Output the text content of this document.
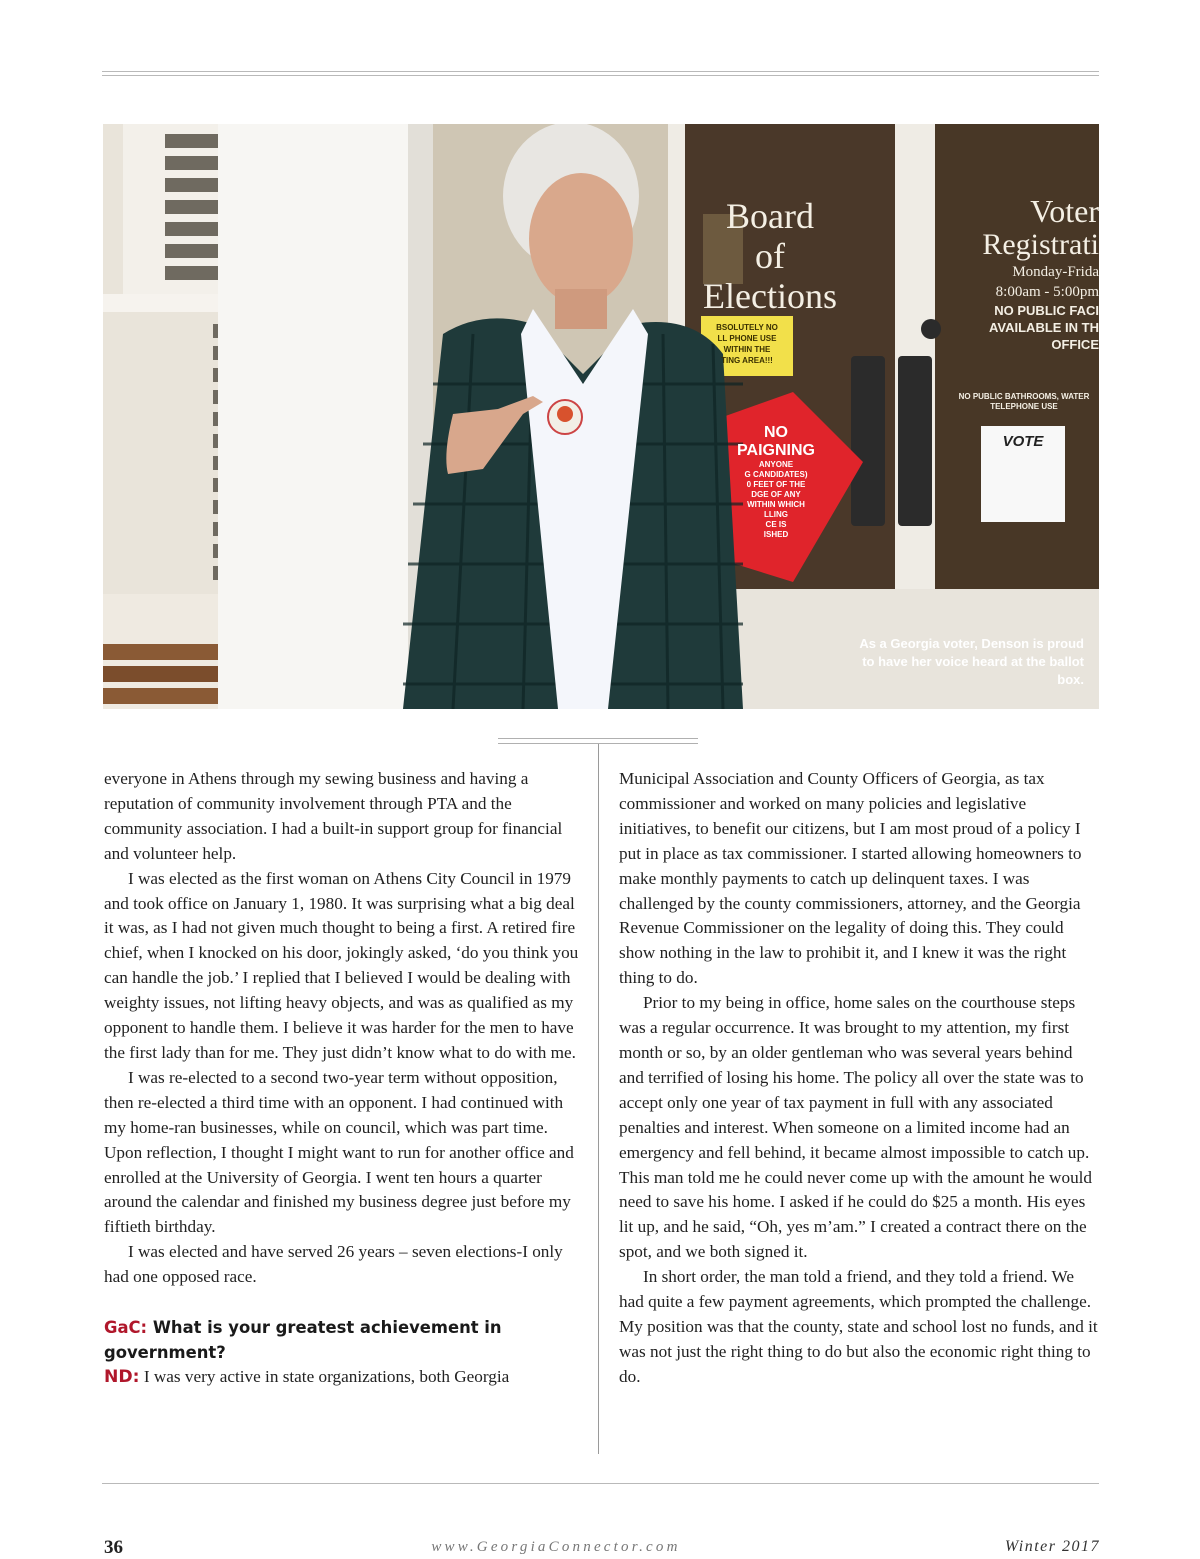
Board
of
Elections
Voter
Registrati
Monday-Frida
8:00am - 5:00pm
NO PUBLIC FACI
AVAILABLE IN TH
OFFICE
NO PUBLIC BATHROOMS, WATER TELEPHONE USE
BSOLUTELY NO
LL PHONE USE
WITHIN THE
TING AREA!!!
NO
PAIGNING
ANYONE
G CANDIDATES)
0 FEET OF THE
DGE OF ANY
WITHIN WHICH
LLING
CE IS
ISHED
VOTE
As a Georgia voter, Denson is proud to have her voice heard at the ballot box.

everyone in Athens through my sewing business and having a reputation of community involvement through PTA and the community association. I had a built-in support group for financial and volunteer help.

I was elected as the first woman on Athens City Council in 1979 and took office on January 1, 1980. It was surprising what a big deal it was, as I had not given much thought to being a first. A retired fire chief, when I knocked on his door, jokingly asked, ‘do you think you can handle the job.’ I replied that I believed I would be dealing with weighty issues, not lifting heavy objects, and was as qualified as my opponent to handle them. I believe it was harder for the men to have the first lady than for me. They just didn’t know what to do with me.

I was re-elected to a second two-year term without opposition, then re-elected a third time with an opponent. I had continued with my home-ran businesses, while on council, which was part time. Upon reflection, I thought I might want to run for another office and enrolled at the University of Georgia. I went ten hours a quarter around the calendar and finished my business degree just before my fiftieth birthday.

I was elected and have served 26 years – seven elections-I only had one opposed race.

GaC: What is your greatest achievement in government?

ND: I was very active in state organizations, both Georgia

Municipal Association and County Officers of Georgia, as tax commissioner and worked on many policies and legislative initiatives, to benefit our citizens, but I am most proud of a policy I put in place as tax commissioner. I started allowing homeowners to make monthly payments to catch up delinquent taxes. I was challenged by the county commissioners, attorney, and the Georgia Revenue Commissioner on the legality of doing this. They could show nothing in the law to prohibit it, and I knew it was the right thing to do.

Prior to my being in office, home sales on the courthouse steps was a regular occurrence. It was brought to my attention, my first month or so, by an older gentleman who was several years behind and terrified of losing his home. The policy all over the state was to accept only one year of tax payment in full with any associated penalties and interest. When someone on a limited income had an emergency and fell behind, it became almost impossible to catch up. This man told me he could never come up with the amount he would need to save his home. I asked if he could do $25 a month. His eyes lit up, and he said, “Oh, yes m’am.” I created a contract there on the spot, and we both signed it.

In short order, the man told a friend, and they told a friend. We had quite a few payment agreements, which prompted the challenge. My position was that the county, state and school lost no funds, and it was not just the right thing to do but also the economic right thing to do.

36	www.GeorgiaConnector.com	Winter 2017
